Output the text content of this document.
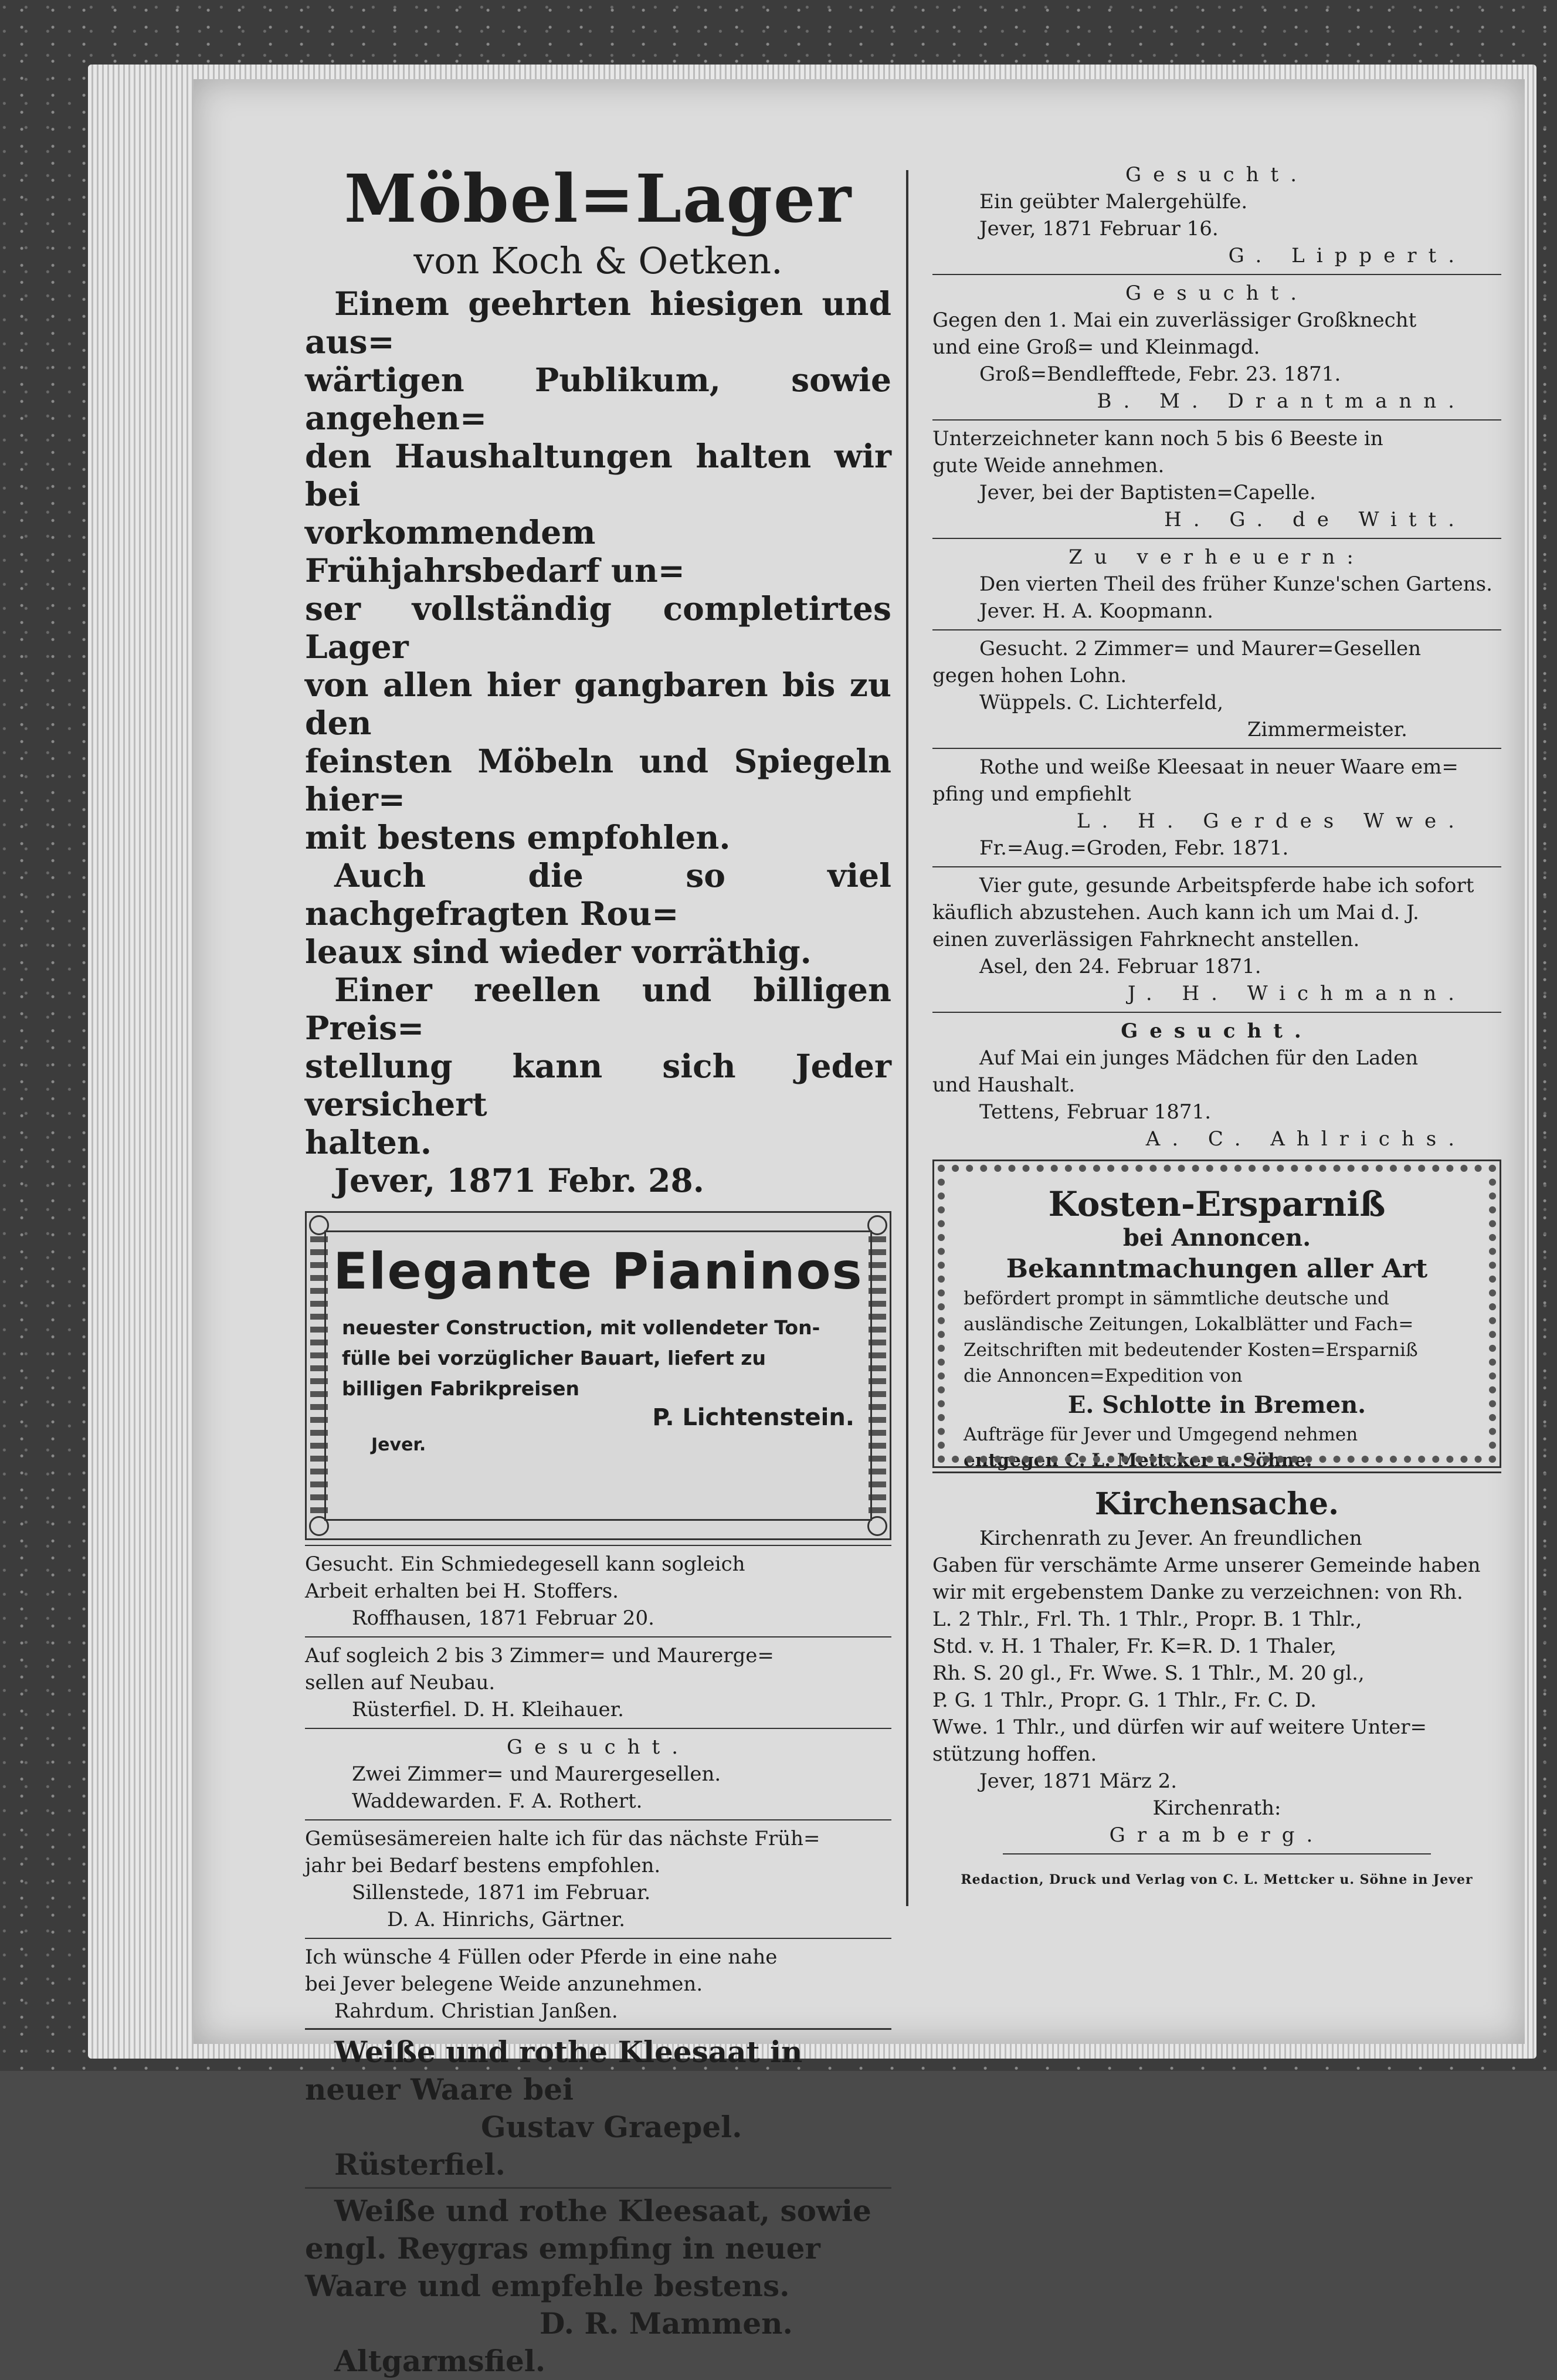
Möbel=Lager
von Koch & Oetken.
Einem geehrten hiesigen und aus=
wärtigen Publikum, sowie angehen=
den Haushaltungen halten wir bei
vorkommendem Frühjahrsbedarf un=
ser vollständig completirtes Lager
von allen hier gangbaren bis zu den
feinsten Möbeln und Spiegeln hier=
mit bestens empfohlen.
Auch die so viel nachgefragten Rou=
leaux sind wieder vorräthig.
Einer reellen und billigen Preis=
stellung kann sich Jeder versichert
halten.
Jever, 1871 Febr. 28.
Elegante Pianinos
neuester Construction, mit vollendeter Ton-
fülle bei vorzüglicher Bauart, liefert zu
billigen Fabrikpreisen
P. Lichtenstein.
Jever.
Gesucht. Ein Schmiedegesell kann sogleich
Arbeit erhalten bei H. Stoffers.
Roffhausen, 1871 Februar 20.
Auf sogleich 2 bis 3 Zimmer= und Maurerge=
sellen auf Neubau.
Rüsterfiel. D. H. Kleihauer.
Gesucht.
Zwei Zimmer= und Maurergesellen.
Waddewarden. F. A. Rothert.
Gemüsesämereien halte ich für das nächste Früh=
jahr bei Bedarf bestens empfohlen.
Sillenstede, 1871 im Februar.
D. A. Hinrichs, Gärtner.
Ich wünsche 4 Füllen oder Pferde in eine nahe
bei Jever belegene Weide anzunehmen.
Rahrdum. Christian Janßen.
Weiße und rothe Kleesaat in
neuer Waare bei
Gustav Graepel.
Rüsterfiel.
Weiße und rothe Kleesaat, sowie
engl. Reygras empfing in neuer
Waare und empfehle bestens.
D. R. Mammen.
Altgarmsfiel.
Gesucht.
Ein geübter Malergehülfe.
Jever, 1871 Februar 16.
G. Lippert.
Gesucht.
Gegen den 1. Mai ein zuverlässiger Großknecht
und eine Groß= und Kleinmagd.
Groß=Bendlefftede, Febr. 23. 1871.
B. M. Drantmann.
Unterzeichneter kann noch 5 bis 6 Beeste in
gute Weide annehmen.
Jever, bei der Baptisten=Capelle.
H. G. de Witt.
Zu verheuern:
Den vierten Theil des früher Kunze'schen Gartens.
Jever. H. A. Koopmann.
Gesucht. 2 Zimmer= und Maurer=Gesellen
gegen hohen Lohn.
Wüppels. C. Lichterfeld,
Zimmermeister.
Rothe und weiße Kleesaat in neuer Waare em=
pfing und empfiehlt
L. H. Gerdes Wwe.
Fr.=Aug.=Groden, Febr. 1871.
Vier gute, gesunde Arbeitspferde habe ich sofort
käuflich abzustehen. Auch kann ich um Mai d. J.
einen zuverlässigen Fahrknecht anstellen.
Asel, den 24. Februar 1871.
J. H. Wichmann.
Gesucht.
Auf Mai ein junges Mädchen für den Laden
und Haushalt.
Tettens, Februar 1871.
A. C. Ahlrichs.
Kosten-Ersparniß
bei Annoncen.
Bekanntmachungen aller Art
befördert prompt in sämmtliche deutsche und
ausländische Zeitungen, Lokalblätter und Fach=
Zeitschriften mit bedeutender Kosten=Ersparniß
die Annoncen=Expedition von
E. Schlotte in Bremen.
Aufträge für Jever und Umgegend nehmen
entgegen C. L. Mettcker u. Söhne.
Kirchensache.
Kirchenrath zu Jever. An freundlichen
Gaben für verschämte Arme unserer Gemeinde haben
wir mit ergebenstem Danke zu verzeichnen: von Rh.
L. 2 Thlr., Frl. Th. 1 Thlr., Propr. B. 1 Thlr.,
Std. v. H. 1 Thaler, Fr. K=R. D. 1 Thaler,
Rh. S. 20 gl., Fr. Wwe. S. 1 Thlr., M. 20 gl.,
P. G. 1 Thlr., Propr. G. 1 Thlr., Fr. C. D.
Wwe. 1 Thlr., und dürfen wir auf weitere Unter=
stützung hoffen.
Jever, 1871 März 2.
Kirchenrath:
Gramberg.
Redaction, Druck und Verlag von C. L. Mettcker u. Söhne in Jever
